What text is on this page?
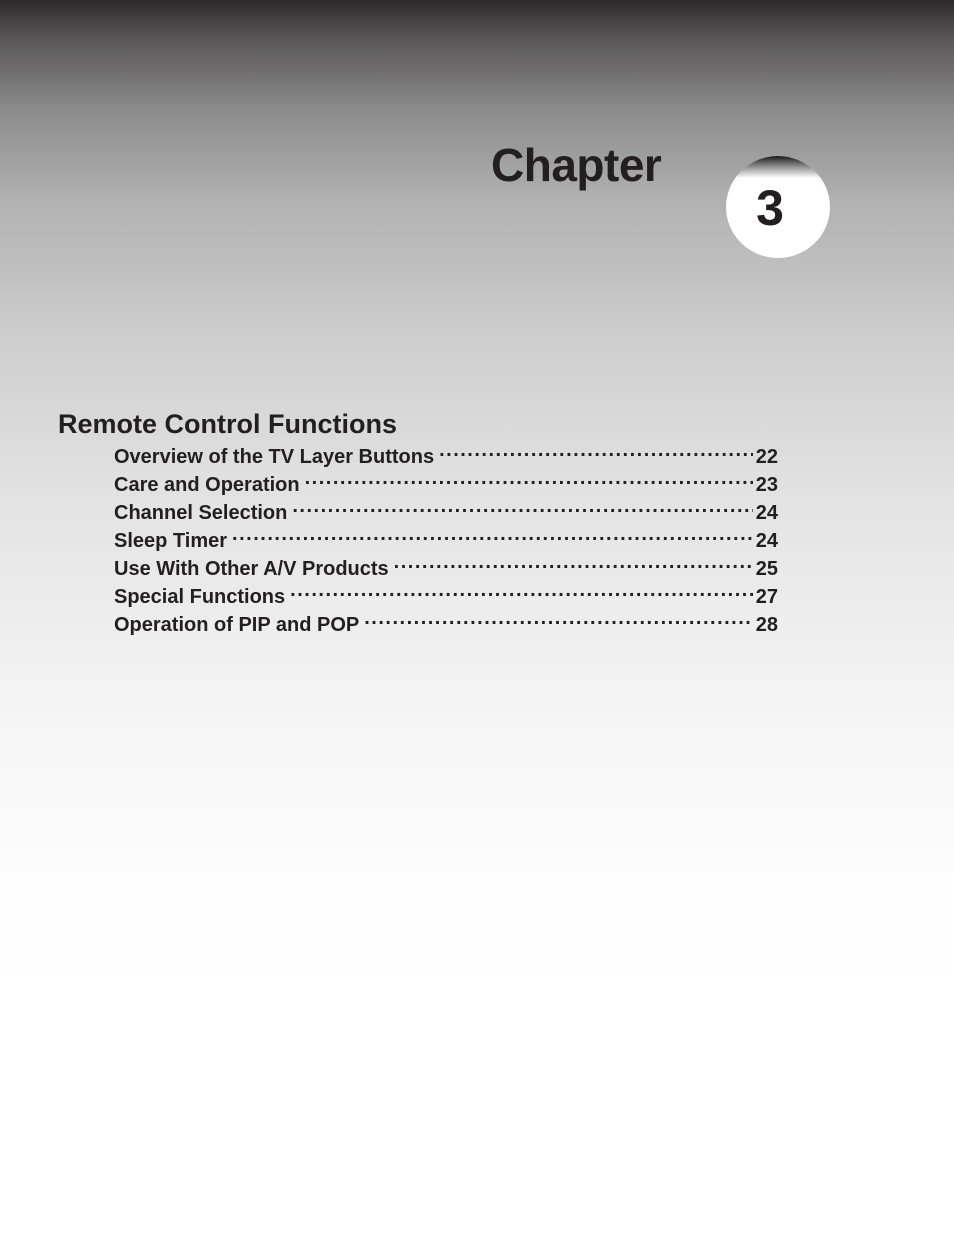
Chapter
3
Remote Control Functions
Overview of the TV Layer Buttons .....	22
Care and Operation .....	23
Channel Selection .....	24
Sleep Timer .....	24
Use With Other A/V Products .....	25
Special Functions .....	27
Operation of PIP and POP .....	28
